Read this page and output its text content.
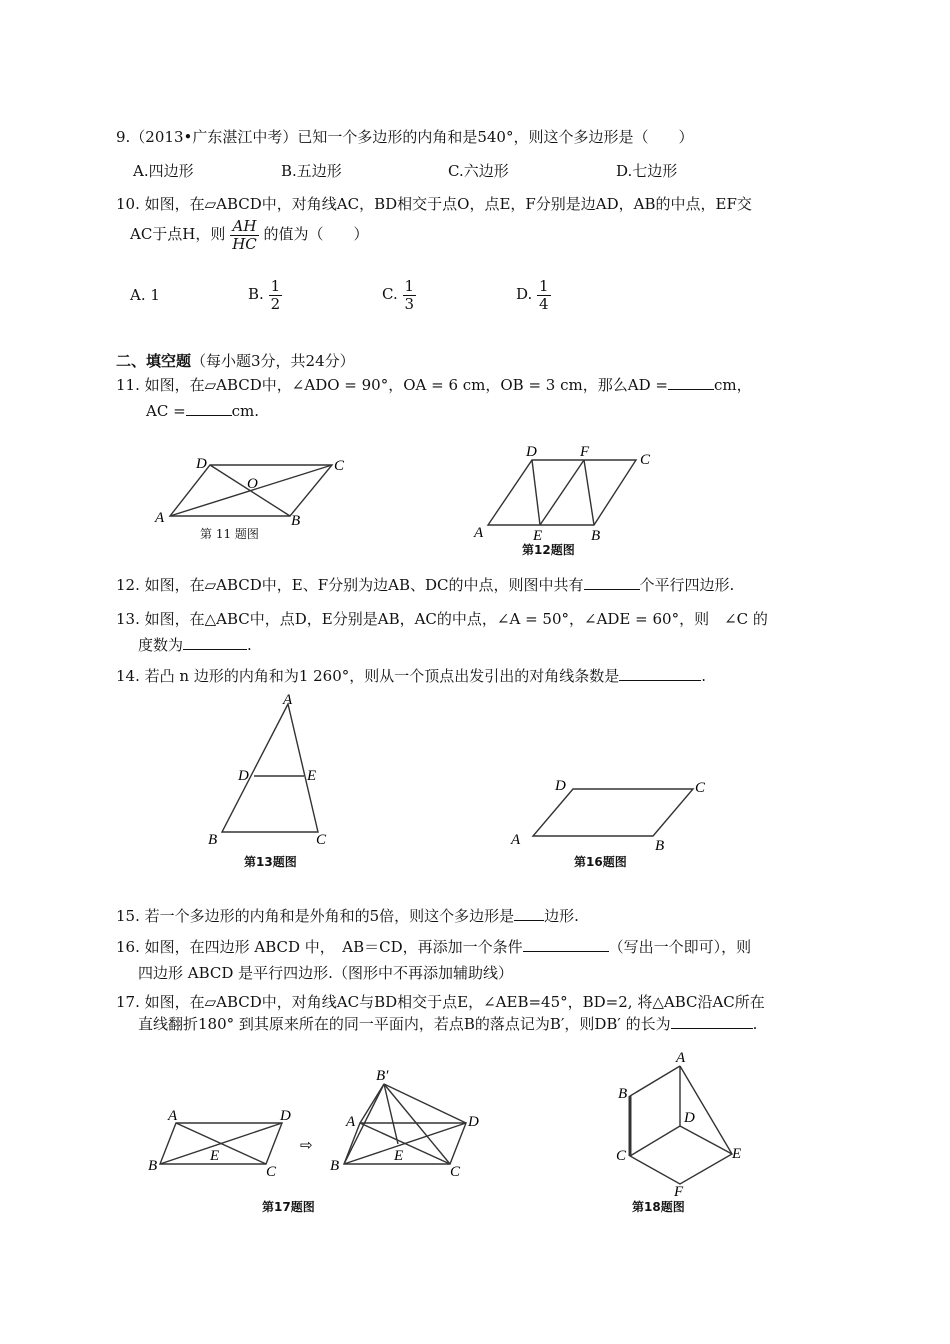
9.（2013•广东湛江中考）已知一个多边形的内角和是540°，则这个多边形是（　　）
A.四边形	B.五边形	C.六边形	D.七边形
10. 如图，在▱ABCD中，对角线AC，BD相交于点O，点E，F分别是边AD，AB的中点，EF交
AC于点H，则 $\frac{AH}{HC}$ 的值为（　　）
A. 1	B. $\frac{1}{2}$	C. $\frac{1}{3}$	D. $\frac{1}{4}$
二、填空题（每小题3分，共24分）
11. 如图，在▱ABCD中，∠ADO = 90°，OA = 6 cm，OB = 3 cm，那么AD =	cm，
AC =	cm.
A	B
C
D
O
第 11 题图	A	E	B
C
F
D
第12题图
12. 如图，在▱ABCD中，E、F分别为边AB、DC的中点，则图中共有	个平行四边形.
13. 如图，在△ABC中，点D，E分别是AB，AC的中点，∠A = 50°，∠ADE = 60°，则　∠C 的
度数为	.
14. 若凸 n 边形的内角和为1 260°，则从一个顶点出发引出的对角线条数是	.
A
D	E
B	C
第13题图
A	B
C
D
第16题图
15. 若一个多边形的内角和是外角和的5倍，则这个多边形是 边形.
16. 如图，在四边形 ABCD 中，　AB＝CD，再添加一个条件	（写出一个即可），则
四边形 ABCD 是平行四边形.（图形中不再添加辅助线）
17. 如图，在▱ABCD中，对角线AC与BD相交于点E，∠AEB=45°，BD=2, 将△ABC沿AC所在
直线翻折180° 到其原来所在的同一平面内，若点B的落点记为B′，则DB′ 的长为	.
A	D
B	C
E
⇨
B′
A	D
B	C
E
第17题图
A
B
C
D
E
F
第18题图
